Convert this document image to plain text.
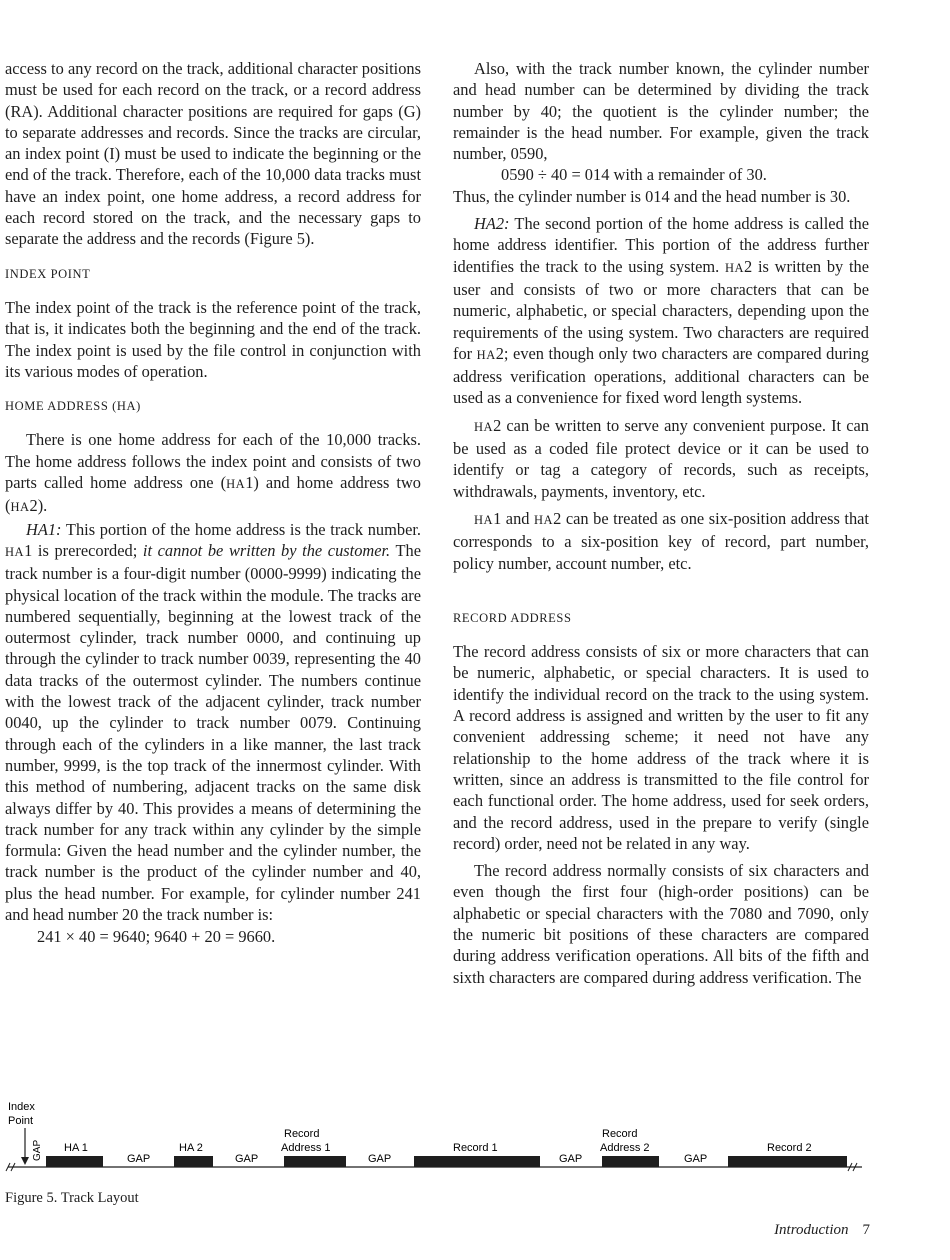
access to any record on the track, additional character positions must be used for each record on the track, or a record address (RA). Additional character positions are required for gaps (G) to separate addresses and records. Since the tracks are circular, an index point (I) must be used to indicate the beginning or the end of the track. Therefore, each of the 10,000 data tracks must have an index point, one home address, a record address for each record stored on the track, and the necessary gaps to separate the address and the records (Figure 5).

INDEX POINT

The index point of the track is the reference point of the track, that is, it indicates both the beginning and the end of the track. The index point is used by the file control in conjunction with its various modes of operation.

HOME ADDRESS (HA)

There is one home address for each of the 10,000 tracks. The home address follows the index point and consists of two parts called home address one (HA1) and home address two (HA2).

HA1: This portion of the home address is the track number. HA1 is prerecorded; it cannot be written by the customer. The track number is a four-digit number (0000-9999) indicating the physical location of the track within the module. The tracks are numbered sequentially, beginning at the lowest track of the outermost cylinder, track number 0000, and continuing up through the cylinder to track number 0039, representing the 40 data tracks of the outermost cylinder. The numbers continue with the lowest track of the adjacent cylinder, track number 0040, up the cylinder to track number 0079. Continuing through each of the cylinders in a like manner, the last track number, 9999, is the top track of the innermost cylinder. With this method of numbering, adjacent tracks on the same disk always differ by 40. This provides a means of determining the track number for any track within any cylinder by the simple formula: Given the head number and the cylinder number, the track number is the product of the cylinder number and 40, plus the head number. For example, for cylinder number 241 and head number 20 the track number is:

241 × 40 = 9640; 9640 + 20 = 9660.

Also, with the track number known, the cylinder number and head number can be determined by dividing the track number by 40; the quotient is the cylinder number; the remainder is the head number. For example, given the track number, 0590,

0590 ÷ 40 = 014 with a remainder of 30.

Thus, the cylinder number is 014 and the head number is 30.

HA2: The second portion of the home address is called the home address identifier. This portion of the address further identifies the track to the using system. HA2 is written by the user and consists of two or more characters that can be numeric, alphabetic, or special characters, depending upon the requirements of the using system. Two characters are required for HA2; even though only two characters are compared during address verification operations, additional characters can be used as a convenience for fixed word length systems.

HA2 can be written to serve any convenient purpose. It can be used as a coded file protect device or it can be used to identify or tag a category of records, such as receipts, withdrawals, payments, inventory, etc.

HA1 and HA2 can be treated as one six-position address that corresponds to a six-position key of record, part number, policy number, account number, etc.

RECORD ADDRESS

The record address consists of six or more characters that can be numeric, alphabetic, or special characters. It is used to identify the individual record on the track to the using system. A record address is assigned and written by the user to fit any convenient addressing scheme; it need not have any relationship to the home address of the track where it is written, since an address is transmitted to the file control for each functional order. The home address, used for seek orders, and the record address, used in the prepare to verify (single record) order, need not be related in any way.

The record address normally consists of six characters and even though the first four (high-order positions) can be alphabetic or special characters with the 7080 and 7090, only the numeric bit positions of these characters are compared during address verification operations. All bits of the fifth and sixth characters are compared during address verification. The

Index
Point
GAP HA 1
GAP
HA 2
GAP
Record
Address 1
GAP
Record 1
GAP
Record
Address 2
GAP
Record 2
Figure 5. Track Layout
Introduction 7
